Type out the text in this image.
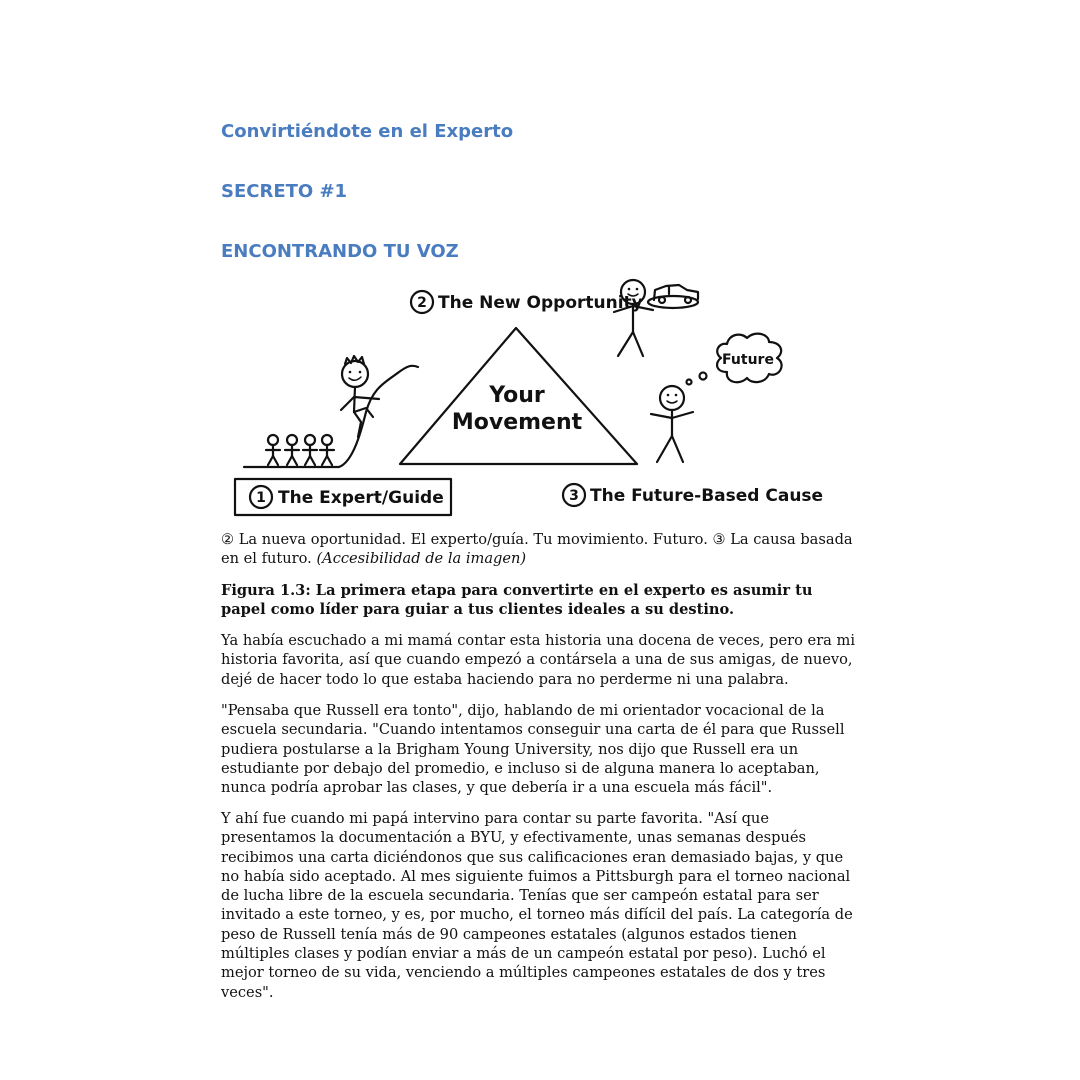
Convirtiéndote en el Experto
SECRETO #1
ENCONTRANDO TU VOZ
2 The New Opportunity
Your
Movement
Future
1 The Expert/Guide	3 The Future-Based Cause
② La nueva oportunidad. El experto/guía. Tu movimiento. Futuro. ③ La causa basada en el futuro. (Accesibilidad de la imagen)
Figura 1.3: La primera etapa para convertirte en el experto es asumir tu papel como líder para guiar a tus clientes ideales a su destino.
Ya había escuchado a mi mamá contar esta historia una docena de veces, pero era mi historia favorita, así que cuando empezó a contársela a una de sus amigas, de nuevo, dejé de hacer todo lo que estaba haciendo para no perderme ni una palabra.
"Pensaba que Russell era tonto", dijo, hablando de mi orientador vocacional de la escuela secundaria. "Cuando intentamos conseguir una carta de él para que Russell pudiera postularse a la Brigham Young University, nos dijo que Russell era un estudiante por debajo del promedio, e incluso si de alguna manera lo aceptaban, nunca podría aprobar las clases, y que debería ir a una escuela más fácil".
Y ahí fue cuando mi papá intervino para contar su parte favorita. "Así que presentamos la documentación a BYU, y efectivamente, unas semanas después recibimos una carta diciéndonos que sus calificaciones eran demasiado bajas, y que no había sido aceptado. Al mes siguiente fuimos a Pittsburgh para el torneo nacional de lucha libre de la escuela secundaria. Tenías que ser campeón estatal para ser invitado a este torneo, y es, por mucho, el torneo más difícil del país. La categoría de peso de Russell tenía más de 90 campeones estatales (algunos estados tienen múltiples clases y podían enviar a más de un campeón estatal por peso). Luchó el mejor torneo de su vida, venciendo a múltiples campeones estatales de dos y tres veces".
